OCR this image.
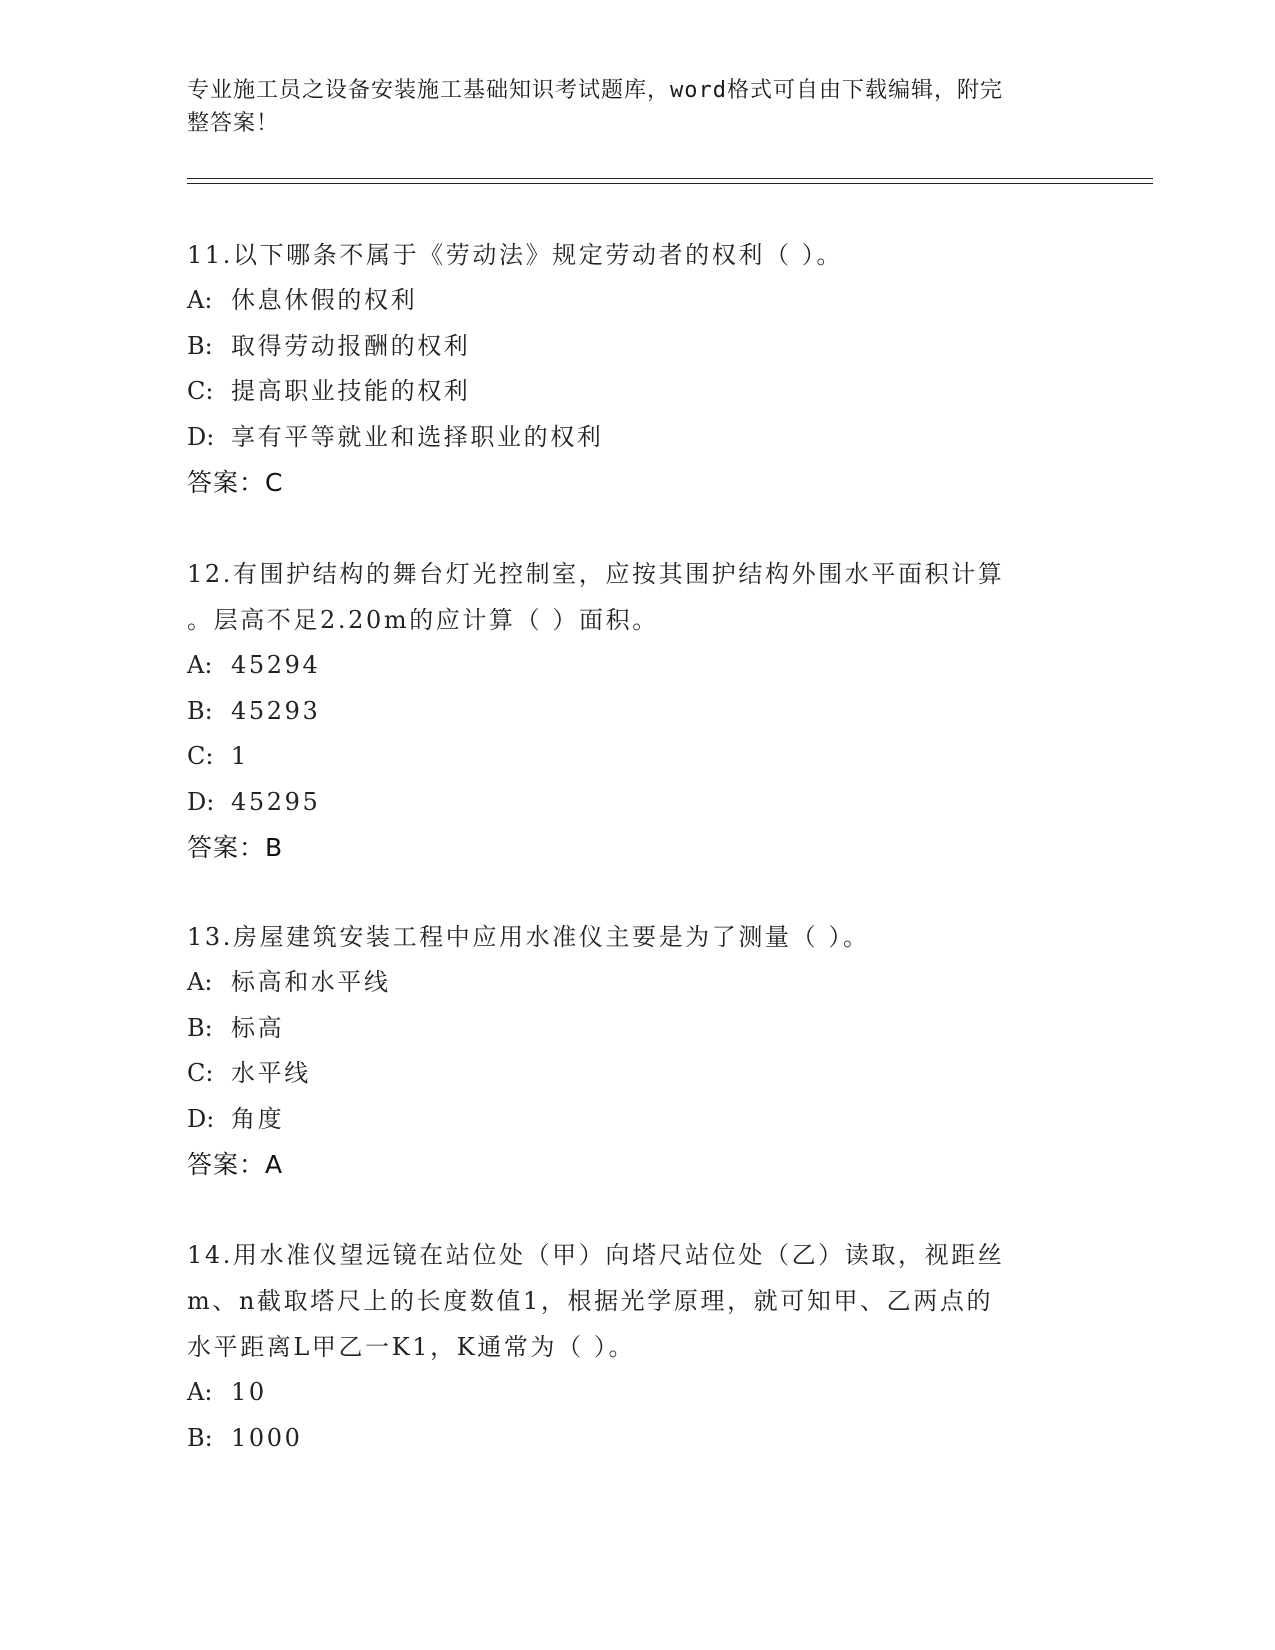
专业施工员之设备安装施工基础知识考试题库，word格式可自由下载编辑，附完
整答案！

11.以下哪条不属于《劳动法》规定劳动者的权利（ ）。

A: 休息休假的权利

B: 取得劳动报酬的权利

C: 提高职业技能的权利

D: 享有平等就业和选择职业的权利

答案：C

12.有围护结构的舞台灯光控制室，应按其围护结构外围水平面积计算

。层高不足2.20m的应计算（ ）面积。

A: 45294

B: 45293

C: 1

D: 45295

答案：B

13.房屋建筑安装工程中应用水准仪主要是为了测量（ ）。

A: 标高和水平线

B: 标高

C: 水平线

D: 角度

答案：A

14.用水准仪望远镜在站位处（甲）向塔尺站位处（乙）读取，视距丝

m、n截取塔尺上的长度数值1，根据光学原理，就可知甲、乙两点的

水平距离L甲乙一K1，K通常为（ ）。

A: 10

B: 1000
